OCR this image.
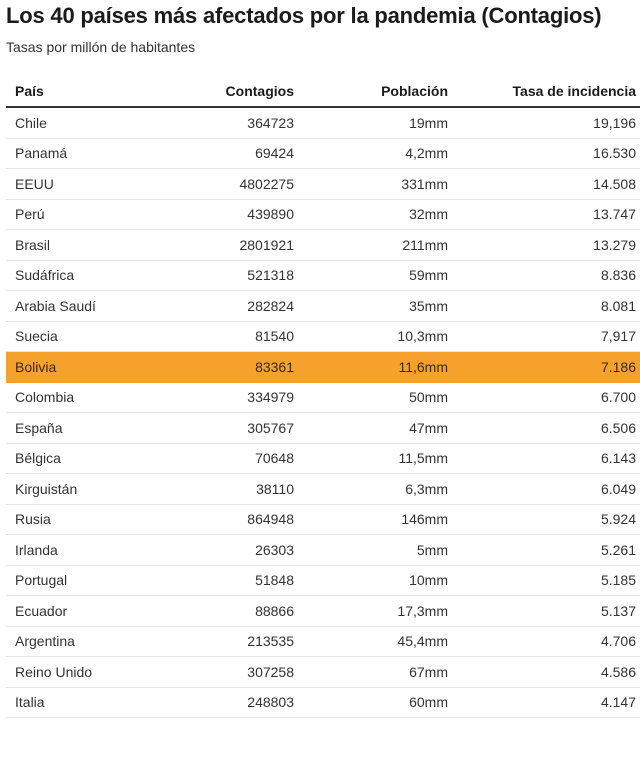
Los 40 países más afectados por la pandemia (Contagios)
Tasas por millón de habitantes
País	Contagios	Población	Tasa de incidencia
Chile	364723	19mm	19,196
Panamá	69424	4,2mm	16.530
EEUU	4802275	331mm	14.508
Perú	439890	32mm	13.747
Brasil	2801921	211mm	13.279
Sudáfrica	521318	59mm	8.836
Arabia Saudí	282824	35mm	8.081
Suecia	81540	10,3mm	7,917
Bolivia	83361	11,6mm	7.186
Colombia	334979	50mm	6.700
España	305767	47mm	6.506
Bélgica	70648	11,5mm	6.143
Kirguistán	38110	6,3mm	6.049
Rusia	864948	146mm	5.924
Irlanda	26303	5mm	5.261
Portugal	51848	10mm	5.185
Ecuador	88866	17,3mm	5.137
Argentina	213535	45,4mm	4.706
Reino Unido	307258	67mm	4.586
Italia	248803	60mm	4.147
